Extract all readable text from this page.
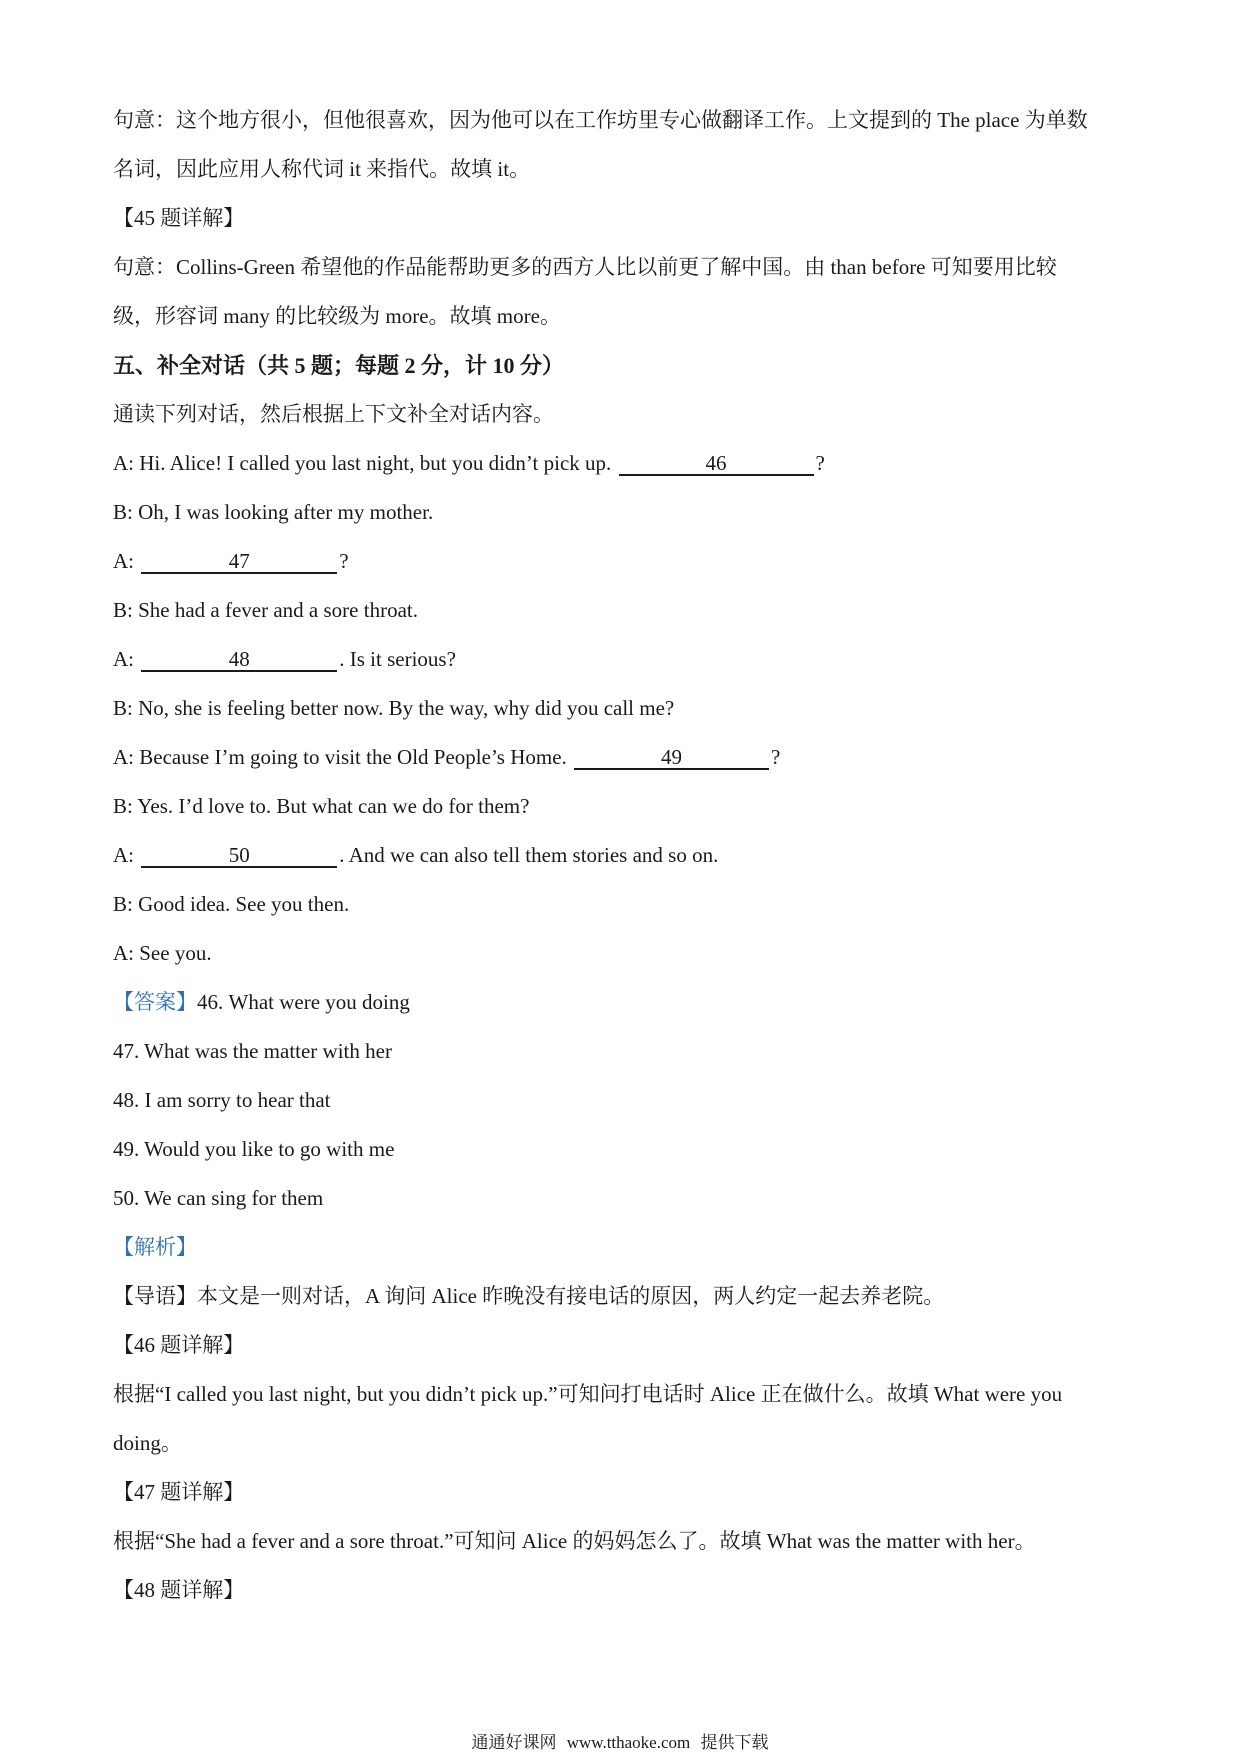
句意：这个地方很小，但他很喜欢，因为他可以在工作坊里专心做翻译工作。上文提到的 The place 为单数
名词，因此应用人称代词 it 来指代。故填 it。
【45 题详解】
句意：Collins-Green 希望他的作品能帮助更多的西方人比以前更了解中国。由 than before 可知要用比较
级，形容词 many 的比较级为 more。故填 more。
五、补全对话（共 5 题；每题 2 分，计 10 分）
通读下列对话，然后根据上下文补全对话内容。
A: Hi. Alice! I called you last night, but you didn’t pick up.	46	?
B: Oh, I was looking after my mother.
A:	47	?
B: She had a fever and a sore throat.
A:	48	. Is it serious?
B: No, she is feeling better now. By the way, why did you call me?
A: Because I’m going to visit the Old People’s Home.	49	?
B: Yes. I’d love to. But what can we do for them?
A:	50	. And we can also tell them stories and so on.
B: Good idea. See you then.
A: See you.
【答案】46. What were you doing
47. What was the matter with her
48. I am sorry to hear that
49. Would you like to go with me
50. We can sing for them
【解析】
【导语】本文是一则对话，A 询问 Alice 昨晚没有接电话的原因，两人约定一起去养老院。
【46 题详解】
根据“I called you last night, but you didn’t pick up.”可知问打电话时 Alice 正在做什么。故填 What were you
doing。
【47 题详解】
根据“She had a fever and a sore throat.”可知问 Alice 的妈妈怎么了。故填 What was the matter with her。
【48 题详解】
通通好课网 www.tthaoke.com 提供下载
